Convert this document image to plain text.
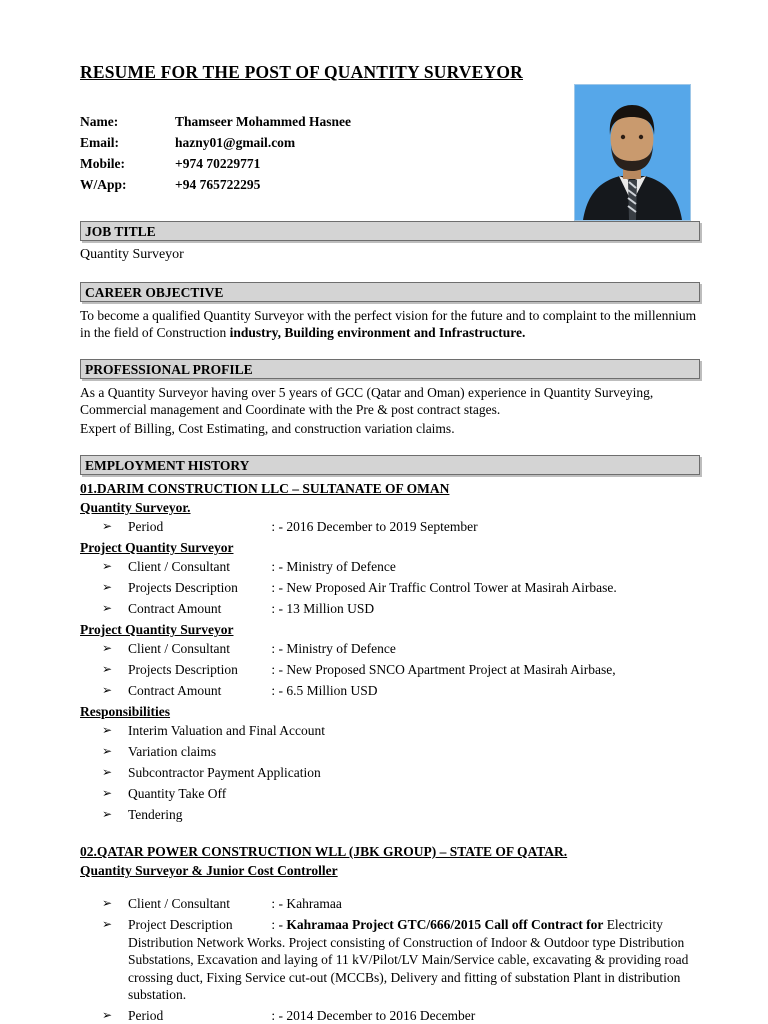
RESUME FOR THE POST OF QUANTITY SURVEYOR
Name:	Thamseer Mohammed Hasnee
Email:	hazny01@gmail.com
Mobile:	+974 70229771
W/App:	+94 765722295
JOB TITLE
Quantity Surveyor
CAREER OBJECTIVE

To become a qualified Quantity Surveyor with the perfect vision for the future and to complaint to the millennium in the field of Construction industry, Building environment and Infrastructure.

PROFESSIONAL PROFILE

As a Quantity Surveyor having over 5 years of GCC (Qatar and Oman) experience in Quantity Surveying, Commercial management and Coordinate with the Pre & post contract stages.

Expert of Billing, Cost Estimating, and construction variation claims.

EMPLOYMENT HISTORY
01.DARIM CONSTRUCTION LLC – SULTANATE OF OMAN
Quantity Surveyor.
➢ Period	: - 2016 December to 2019 September
Project Quantity Surveyor
➢ Client / Consultant	: - Ministry of Defence
➢ Projects Description : - New Proposed Air Traffic Control Tower at Masirah Airbase.
➢ Contract Amount	: - 13 Million USD
Project Quantity Surveyor
➢ Client / Consultant	: - Ministry of Defence
➢ Projects Description : - New Proposed SNCO Apartment Project at Masirah Airbase,
➢ Contract Amount	: - 6.5 Million USD
Responsibilities
➢ Interim Valuation and Final Account
➢ Variation claims
➢ Subcontractor Payment Application
➢ Quantity Take Off
➢ Tendering
02.QATAR POWER CONSTRUCTION WLL (JBK GROUP) – STATE OF QATAR.
Quantity Surveyor & Junior Cost Controller
➢ Client / Consultant	: - Kahramaa
➢ Project Description	: - Kahramaa Project GTC/666/2015 Call off Contract for Electricity Distribution Network Works. Project consisting of Construction of Indoor & Outdoor type Distribution Substations, Excavation and laying of 11 kV/Pilot/LV Main/Service cable, excavating & providing road crossing duct, Fixing Service cut-out (MCCBs), Delivery and fitting of substation Plant in distribution substation.
➢ Period	: - 2014 December to 2016 December
